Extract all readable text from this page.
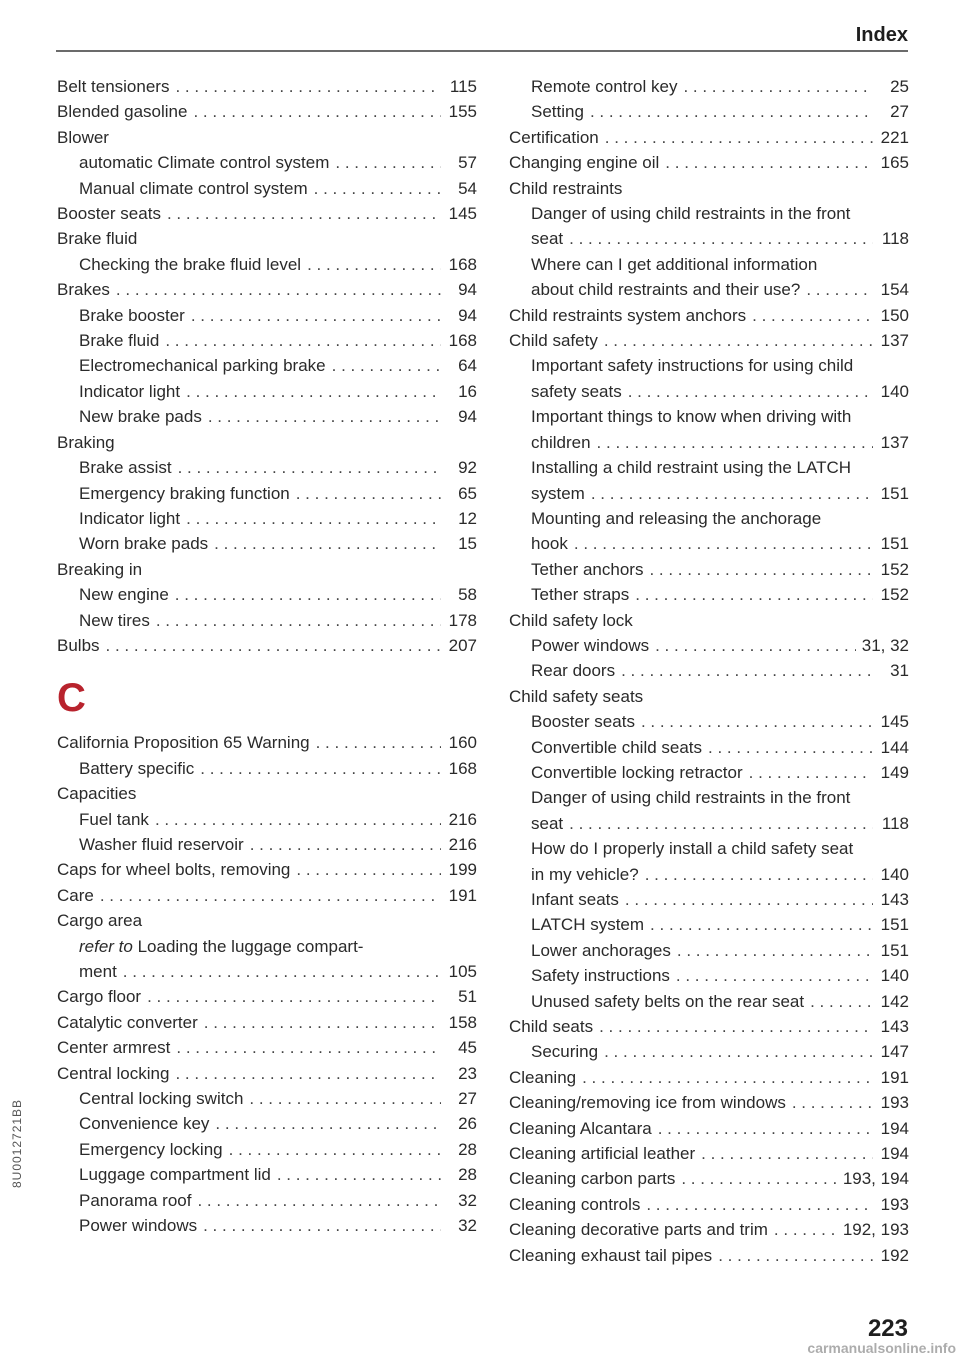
Index
Belt tensioners . . .	115
Blended gasoline . . .	155
Blower
automatic Climate control system . . .	57
Manual climate control system . . .	54
Booster seats . . .	145
Brake fluid
Checking the brake fluid level . . .	168
Brakes . . .	94
Brake booster . . .	94
Brake fluid . . .	168
Electromechanical parking brake . . .	64
Indicator light . . .	16
New brake pads . . .	94
Braking
Brake assist . . .	92
Emergency braking function . . .	65
Indicator light . . .	12
Worn brake pads . . .	15
Breaking in
New engine . . .	58
New tires . . .	178
Bulbs . . .	207
C
California Proposition 65 Warning . . .	160
Battery specific . . .	168
Capacities
Fuel tank . . .	216
Washer fluid reservoir . . .	216
Caps for wheel bolts, removing . . .	199
Care . . .	191
Cargo area
refer to Loading the luggage compart-
ment . . .	105
Cargo floor . . .	51
Catalytic converter . . .	158
Center armrest . . .	45
Central locking . . .	23
Central locking switch . . .	27
Convenience key . . .	26
Emergency locking . . .	28
Luggage compartment lid . . .	28
Panorama roof . . .	32
Power windows . . .	32
Remote control key . . .	25
Setting . . .	27
Certification . . .	221
Changing engine oil . . .	165
Child restraints
Danger of using child restraints in the front
seat . . .	118
Where can I get additional information
about child restraints and their use? . . .	154
Child restraints system anchors . . .	150
Child safety . . .	137
Important safety instructions for using child
safety seats . . .	140
Important things to know when driving with
children . . .	137
Installing a child restraint using the LATCH
system . . .	151
Mounting and releasing the anchorage
hook . . .	151
Tether anchors . . .	152
Tether straps . . .	152
Child safety lock
Power windows . . .	31, 32
Rear doors . . .	31
Child safety seats
Booster seats . . .	145
Convertible child seats . . .	144
Convertible locking retractor . . .	149
Danger of using child restraints in the front
seat . . .	118
How do I properly install a child safety seat
in my vehicle? . . .	140
Infant seats . . .	143
LATCH system . . .	151
Lower anchorages . . .	151
Safety instructions . . .	140
Unused safety belts on the rear seat . . .	142
Child seats . . .	143
Securing . . .	147
Cleaning . . .	191
Cleaning/removing ice from windows . . .	193
Cleaning Alcantara . . .	194
Cleaning artificial leather . . .	194
Cleaning carbon parts . . .	193, 194
Cleaning controls . . .	193
Cleaning decorative parts and trim . . .	192, 193
Cleaning exhaust tail pipes . . .	192
8U0012721BB
223
carmanualsonline.info
